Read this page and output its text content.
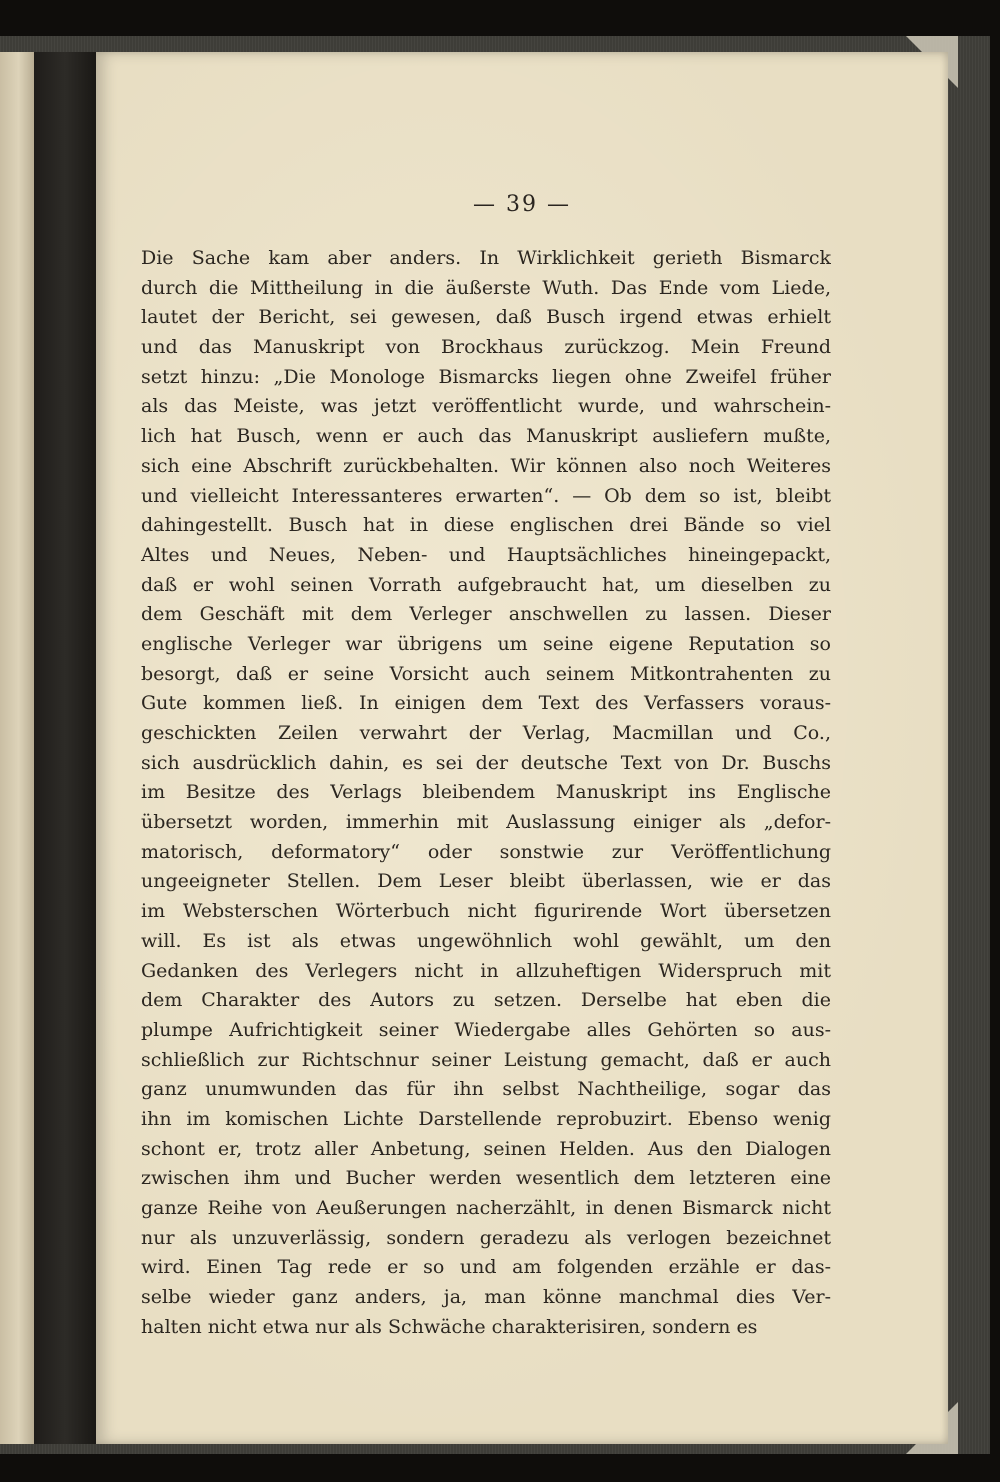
— 39 —
Die Sache kam aber anders. In Wirklichkeit gerieth Bismarck
durch die Mittheilung in die äußerste Wuth. Das Ende vom Liede,
lautet der Bericht, sei gewesen, daß Busch irgend etwas erhielt
und das Manuskript von Brockhaus zurückzog. Mein Freund
setzt hinzu: „Die Monologe Bismarcks liegen ohne Zweifel früher
als das Meiste, was jetzt veröffentlicht wurde, und wahrschein-
lich hat Busch, wenn er auch das Manuskript ausliefern mußte,
sich eine Abschrift zurückbehalten. Wir können also noch Weiteres
und vielleicht Interessanteres erwarten“. — Ob dem so ist, bleibt
dahingestellt. Busch hat in diese englischen drei Bände so viel
Altes und Neues, Neben- und Hauptsächliches hineingepackt,
daß er wohl seinen Vorrath aufgebraucht hat, um dieselben zu
dem Geschäft mit dem Verleger anschwellen zu lassen. Dieser
englische Verleger war übrigens um seine eigene Reputation so
besorgt, daß er seine Vorsicht auch seinem Mitkontrahenten zu
Gute kommen ließ. In einigen dem Text des Verfassers voraus-
geschickten Zeilen verwahrt der Verlag, Macmillan und Co.,
sich ausdrücklich dahin, es sei der deutsche Text von Dr. Buschs
im Besitze des Verlags bleibendem Manuskript ins Englische
übersetzt worden, immerhin mit Auslassung einiger als „defor-
matorisch, deformatory“ oder sonstwie zur Veröffentlichung
ungeeigneter Stellen. Dem Leser bleibt überlassen, wie er das
im Websterschen Wörterbuch nicht figurirende Wort übersetzen
will. Es ist als etwas ungewöhnlich wohl gewählt, um den
Gedanken des Verlegers nicht in allzuheftigen Widerspruch mit
dem Charakter des Autors zu setzen. Derselbe hat eben die
plumpe Aufrichtigkeit seiner Wiedergabe alles Gehörten so aus-
schließlich zur Richtschnur seiner Leistung gemacht, daß er auch
ganz unumwunden das für ihn selbst Nachtheilige, sogar das
ihn im komischen Lichte Darstellende reprobuzirt. Ebenso wenig
schont er, trotz aller Anbetung, seinen Helden. Aus den Dialogen
zwischen ihm und Bucher werden wesentlich dem letzteren eine
ganze Reihe von Aeußerungen nacherzählt, in denen Bismarck nicht
nur als unzuverlässig, sondern geradezu als verlogen bezeichnet
wird. Einen Tag rede er so und am folgenden erzähle er das-
selbe wieder ganz anders, ja, man könne manchmal dies Ver-
halten nicht etwa nur als Schwäche charakterisiren, sondern es
